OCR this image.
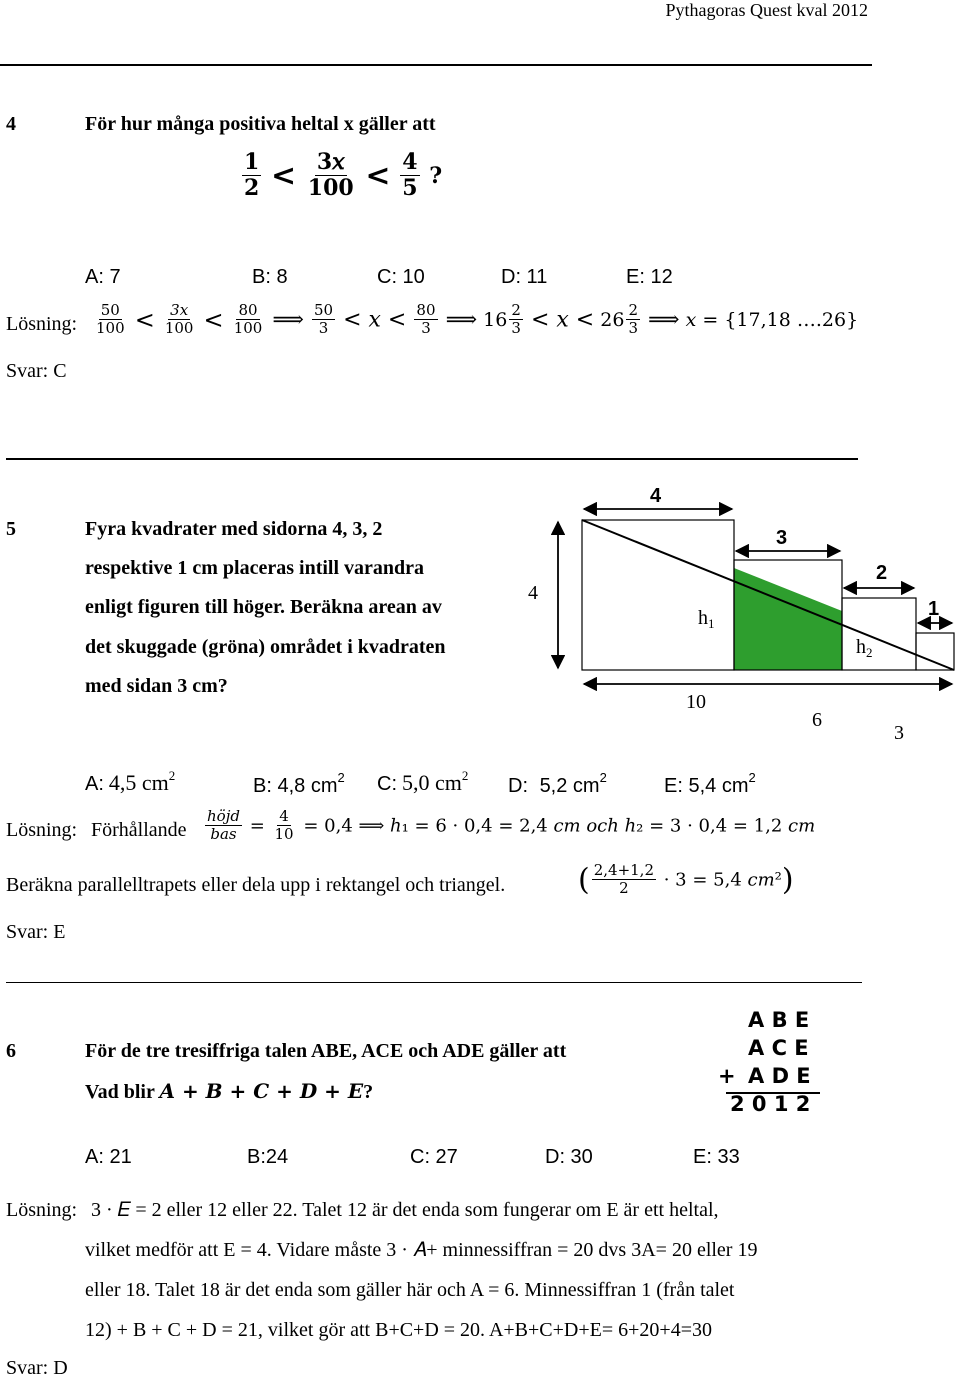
Pythagoras Quest kval 2012
4	För hur många positiva heltal x gäller att
$\frac{1}{2} < \frac{\text{3𝑥}}{100} < \frac{4}{5}$ ?
A: 7	B: 8	C: 10	D: 11	E: 12
Lösning: $\frac{50}{100} < \frac{3x}{100} < \frac{80}{100}$ ⟹ $\frac{50}{3}$ < 𝑥 < $\frac{80}{3}$ ⟹ $16 \frac{2}{3}$ < 𝑥 < $26 \frac{2}{3}$ ⟹ 𝑥 = {17,18 ….26}
Svar: C
5	Fyra kvadrater med sidorna 4, 3, 2
respektive 1 cm placeras intill varandra
enligt figuren till höger. Beräkna arean av
det skuggade (gröna) området i kvadraten
med sidan 3 cm?
4
3
2
1
4
$h_1$
$h_2$
10
6
3
A: 4,5 $cm^2$	B: 4,8 $cm^2$ C: 5,0 $cm^2$ D: 5,2 $cm^2$	E: 5,4 $cm^2$
Lösning: Förhållande $\frac{\text{höjd}}{\text{bas}} = \frac{4}{10} = 0,4$ ⟹ ℎ₁ = 6 · 0,4 = 2,4 𝑐𝑚 𝑜𝑐ℎ ℎ₂ = 3 · 0,4 = 1,2 𝑐𝑚
Beräkna parallelltrapets eller dela upp i rektangel och triangel. ( $\frac{2,4+1,2}{2} \cdot 3 = 5,4$ 𝑐𝑚²)
Svar: E
6	För de tre tresiffriga talen ABE, ACE och ADE gäller att
Vad blir 𝑨 + 𝑩 + 𝑪 + 𝑫 + 𝑬?
A B E
A C E
+ A D E
2 0 1 2
A: 21	B:24	C: 27	D: 30	E: 33
Lösning: 3 · 𝐸 = 2 eller 12 eller 22. Talet 12 är det enda som fungerar om E är ett heltal,
vilket medför att E = 4. Vidare måste 3 · 𝐴+ minnessiffran = 20 dvs 3A= 20 eller 19
eller 18. Talet 18 är det enda som gäller här och A = 6. Minnessiffran 1 (från talet
12) + B + C + D = 21, vilket gör att B+C+D = 20. A+B+C+D+E= 6+20+4=30
Svar: D
